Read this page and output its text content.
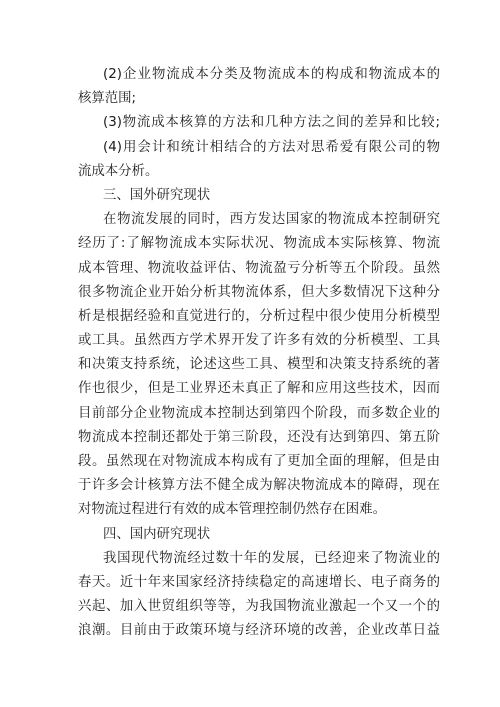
(2)企业物流成本分类及物流成本的构成和物流成本的
核算范围;
(3)物流成本核算的方法和几种方法之间的差异和比较;
(4)用会计和统计相结合的方法对思希爱有限公司的物
流成本分析。
三、国外研究现状
在物流发展的同时，西方发达国家的物流成本控制研究
经历了:了解物流成本实际状况、物流成本实际核算、物流
成本管理、物流收益评估、物流盈亏分析等五个阶段。虽然
很多物流企业开始分析其物流体系，但大多数情况下这种分
析是根据经验和直觉进行的，分析过程中很少使用分析模型
或工具。虽然西方学术界开发了许多有效的分析模型、工具
和决策支持系统，论述这些工具、模型和决策支持系统的著
作也很少，但是工业界还未真正了解和应用这些技术，因而
目前部分企业物流成本控制达到第四个阶段，而多数企业的
物流成本控制还都处于第三阶段，还没有达到第四、第五阶
段。虽然现在对物流成本构成有了更加全面的理解，但是由
于许多会计核算方法不健全成为解决物流成本的障碍，现在
对物流过程进行有效的成本管理控制仍然存在困难。
四、国内研究现状
我国现代物流经过数十年的发展，已经迎来了物流业的
春天。近十年来国家经济持续稳定的高速增长、电子商务的
兴起、加入世贸组织等等，为我国物流业激起一个又一个的
浪潮。目前由于政策环境与经济环境的改善，企业改革日益
